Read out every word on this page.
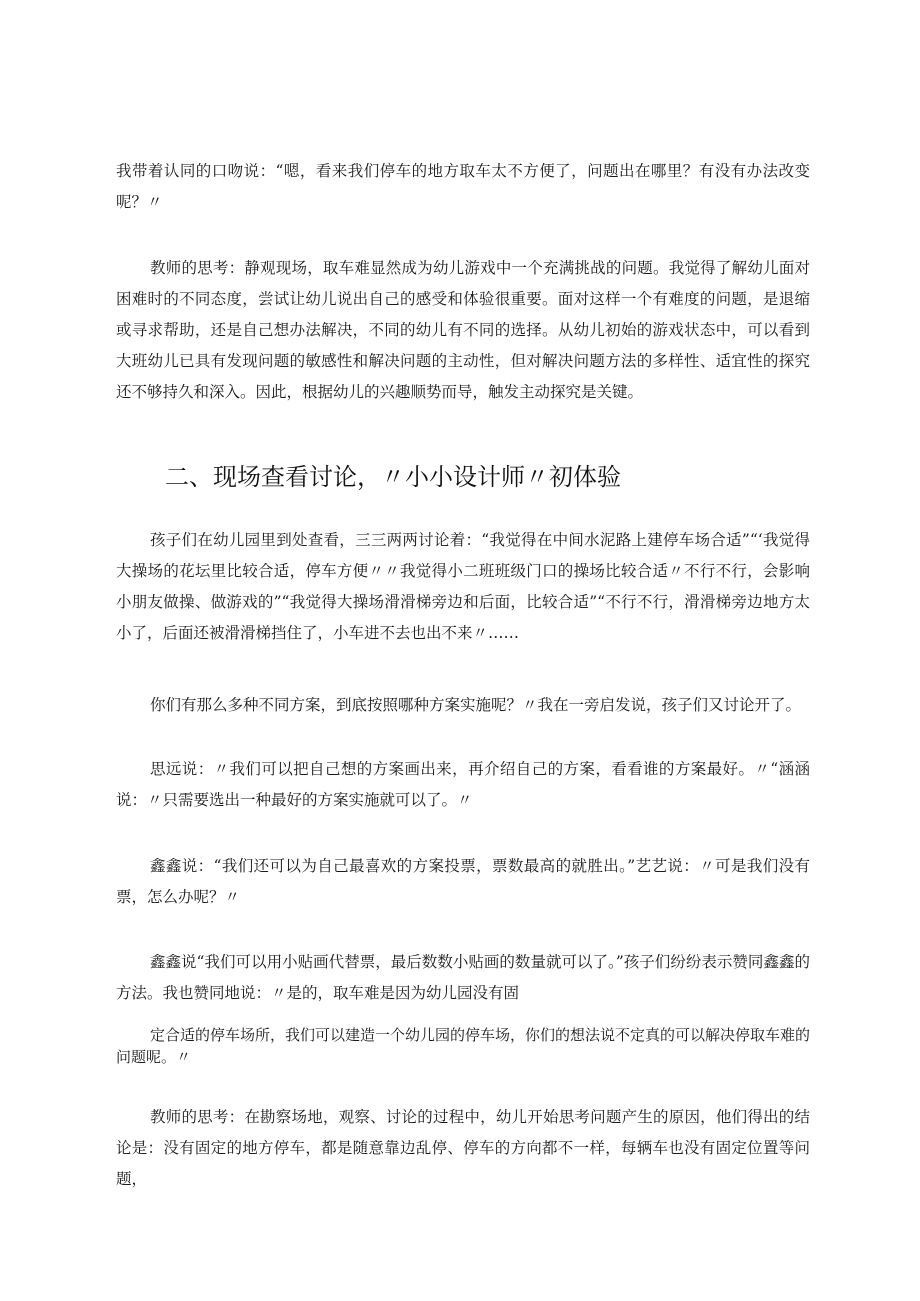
我带着认同的口吻说：“嗯，看来我们停车的地方取车太不方便了，问题出在哪里？有没有办法改变呢？〃

教师的思考：静观现场，取车难显然成为幼儿游戏中一个充满挑战的问题。我觉得了解幼儿面对困难时的不同态度，尝试让幼儿说出自己的感受和体验很重要。面对这样一个有难度的问题，是退缩或寻求帮助，还是自己想办法解决，不同的幼儿有不同的选择。从幼儿初始的游戏状态中，可以看到大班幼儿已具有发现问题的敏感性和解决问题的主动性，但对解决问题方法的多样性、适宜性的探究还不够持久和深入。因此，根据幼儿的兴趣顺势而导，触发主动探究是关键。

二、现场查看讨论，〃小小设计师〃初体验

孩子们在幼儿园里到处查看，三三两两讨论着：“我觉得在中间水泥路上建停车场合适”“‘我觉得大操场的花坛里比较合适，停车方便〃〃我觉得小二班班级门口的操场比较合适〃不行不行，会影响小朋友做操、做游戏的”“我觉得大操场滑滑梯旁边和后面，比较合适”“不行不行，滑滑梯旁边地方太小了，后面还被滑滑梯挡住了，小车进不去也出不来〃……

你们有那么多种不同方案，到底按照哪种方案实施呢？〃我在一旁启发说，孩子们又讨论开了。

思远说：〃我们可以把自己想的方案画出来，再介绍自己的方案，看看谁的方案最好。〃“涵涵说：〃只需要选出一种最好的方案实施就可以了。〃

鑫鑫说：“我们还可以为自己最喜欢的方案投票，票数最高的就胜出。”艺艺说：〃可是我们没有票，怎么办呢？〃

鑫鑫说“我们可以用小贴画代替票，最后数数小贴画的数量就可以了。”孩子们纷纷表示赞同鑫鑫的方法。我也赞同地说：〃是的，取车难是因为幼儿园没有固

定合适的停车场所，我们可以建造一个幼儿园的停车场，你们的想法说不定真的可以解决停取车难的问题呢。〃

教师的思考：在勘察场地，观察、讨论的过程中，幼儿开始思考问题产生的原因，他们得出的结论是：没有固定的地方停车，都是随意靠边乱停、停车的方向都不一样，每辆车也没有固定位置等问题，
